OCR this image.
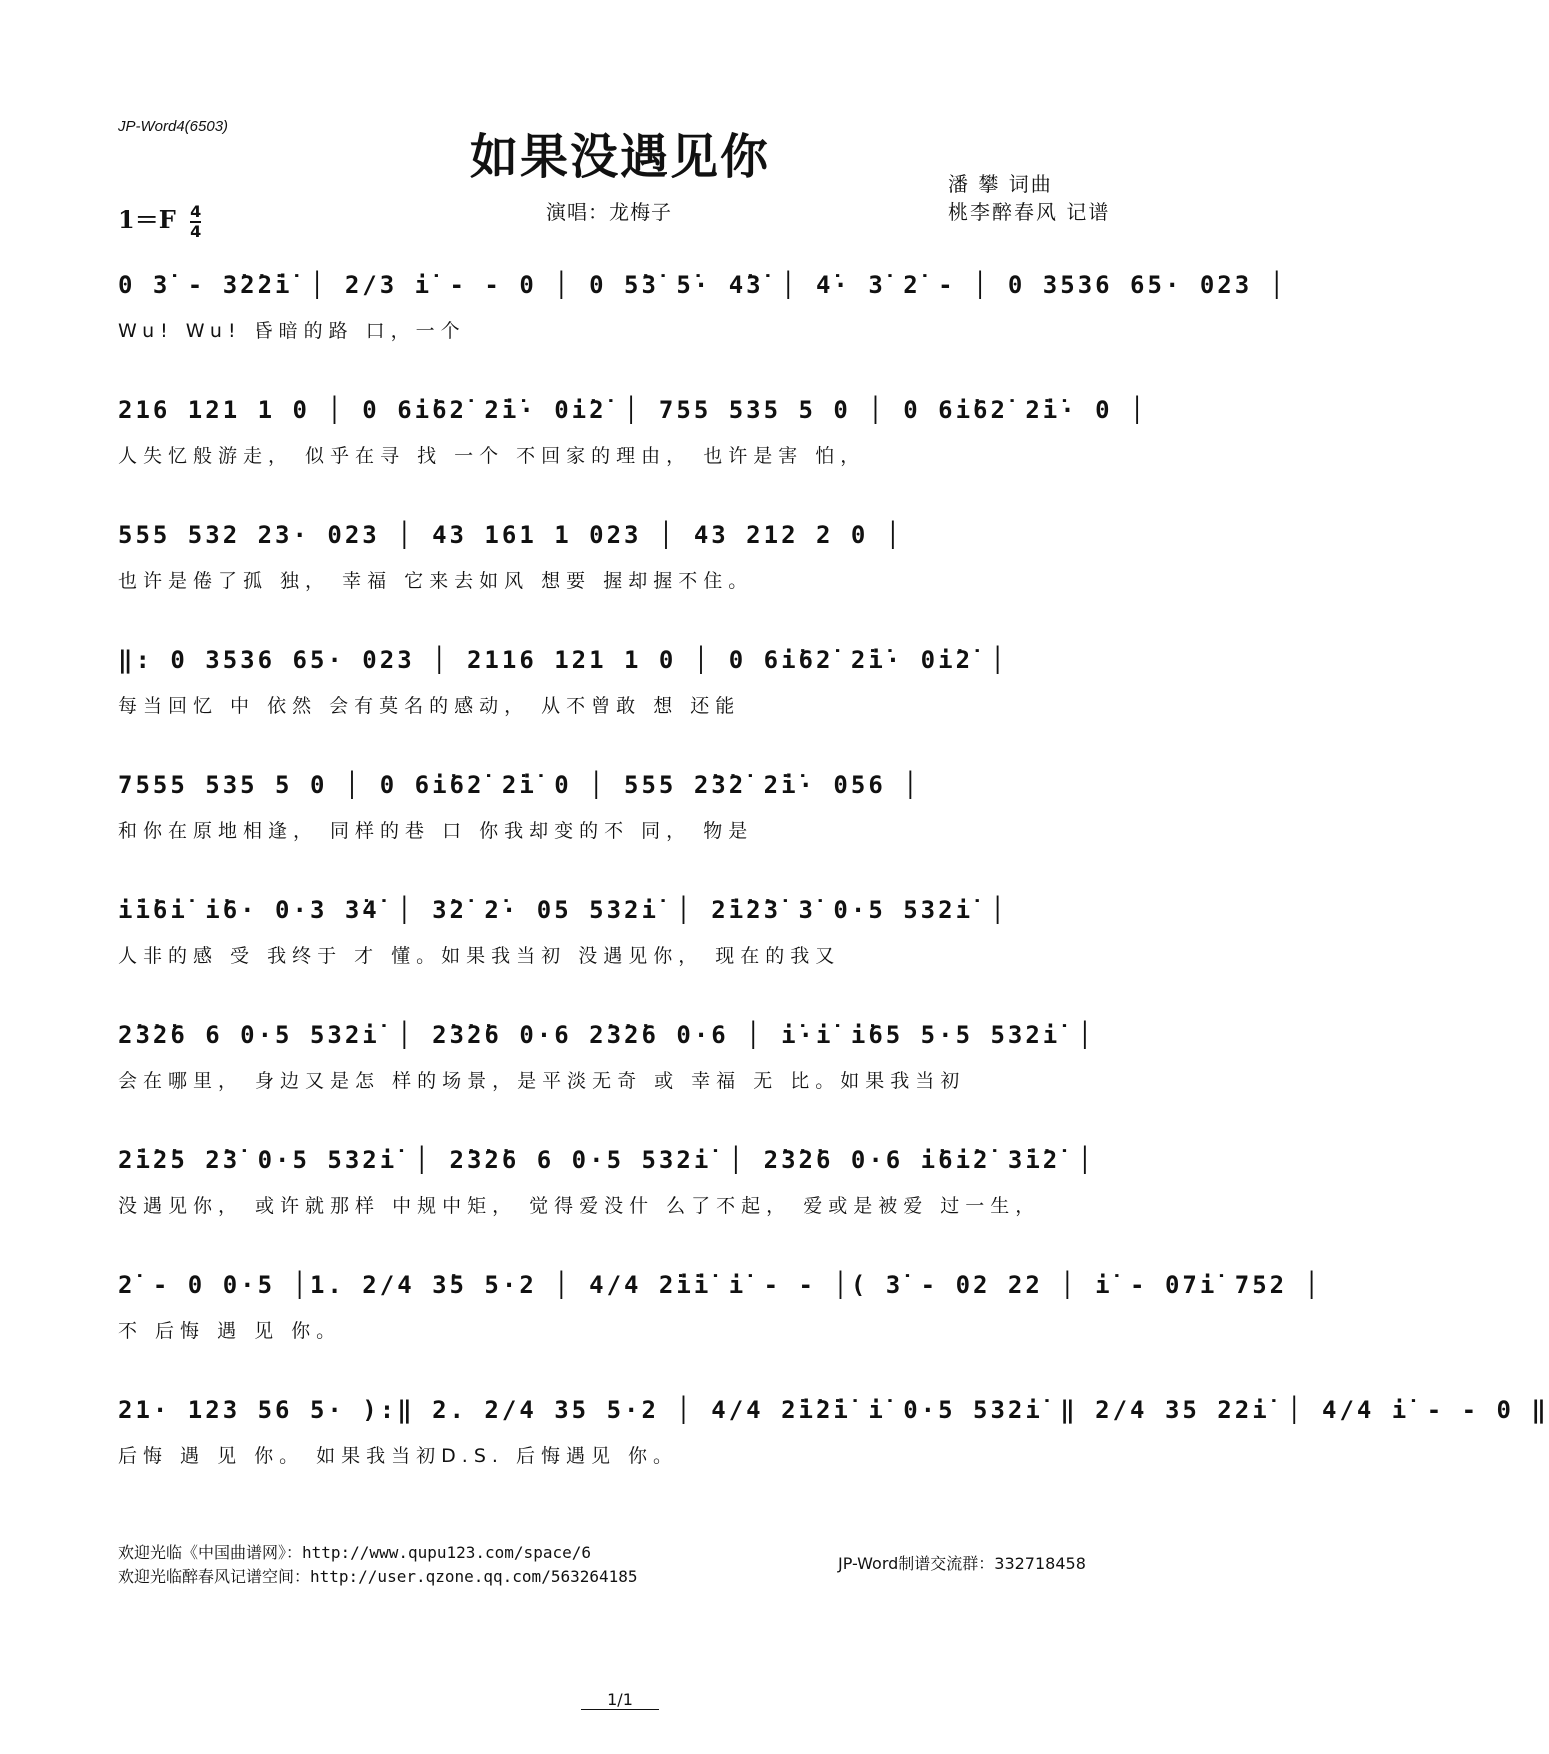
JP-Word4(6503)
如果没遇见你
$1=F \frac{4}{4}$	演唱：龙梅子
潘 攀 词曲
桃李醉春风 记谱
0 3̇ - 3̇2̇2̇i̇ │ 2/3 i̇ - - 0 │ 0 5̇3̇ 5̇· 4̇3̇ │ 4̇· 3̇ 2̇ - │ 0 3536 65· 023 │
Wu! Wu! 昏暗的路 口，一个
216 121 1 0 │ 0 6i̇62̇ 2̇i̇· 0i̇2̇ │ 755 535 5 0 │ 0 6i̇62̇ 2̇i̇· 0 │
人失忆般游走， 似乎在寻 找 一个 不回家的理由， 也许是害 怕，
555 532 23· 023 │ 43 161 1 023 │ 43 212 2 0 │
也许是倦了孤 独， 幸福 它来去如风 想要 握却握不住。
‖: 0 3536 65· 023 │ 2116 121 1 0 │ 0 6i̇62̇ 2̇i̇· 0i̇2̇ │
每当回忆 中 依然 会有莫名的感动， 从不曾敢 想 还能
7555 535 5 0 │ 0 6i̇62̇ 2̇i̇ 0 │ 555 2̇3̇2̇ 2̇i̇· 056 │
和你在原地相逢， 同样的巷 口 你我却变的不 同， 物是
i̇i̇6i̇ i̇6· 0·3 3̇4̇ │ 3̇2̇ 2̇· 05 532i̇ │ 2̇i̇2̇3̇ 3̇ 0·5 532i̇ │
人非的感 受 我终于 才 懂。如果我当初 没遇见你， 现在的我又
2̇3̇2̇6 6 0·5 532i̇ │ 2̇3̇2̇6 0·6 2̇3̇2̇6 0·6 │ i̇·i̇ i̇65 5·5 532i̇ │
会在哪里， 身边又是怎 样的场景，是平淡无奇 或 幸福 无 比。如果我当初
2̇i̇2̇5 2̇3̇ 0·5 532i̇ │ 2̇3̇2̇6 6 0·5 532i̇ │ 2̇3̇2̇6 0·6 i̇6i̇2̇ 3̇i̇2̇ │
没遇见你， 或许就那样 中规中矩， 觉得爱没什 么了不起， 爱或是被爱 过一生，
2̇ - 0 0·5 │1. 2/4 3̇5 5·2 │ 4/4 2̇i̇i̇ i̇ - - │( 3̇ - 02 22 │ i̇ - 07i̇ 752 │
不 后悔 遇 见 你。
21· 123 56 5· ):‖ 2. 2/4 35 5·2 │ 4/4 2̇i̇2̇i̇ i̇ 0·5 532i̇ ‖ 2/4 35 22i̇ │ 4/4 i̇ - - 0 ‖
后悔 遇 见 你。 如果我当初D.S. 后悔遇见 你。
欢迎光临《中国曲谱网》：http://www.qupu123.com/space/6
欢迎光临醉春风记谱空间：http://user.qzone.qq.com/563264185
JP-Word制谱交流群：332718458
1/1
